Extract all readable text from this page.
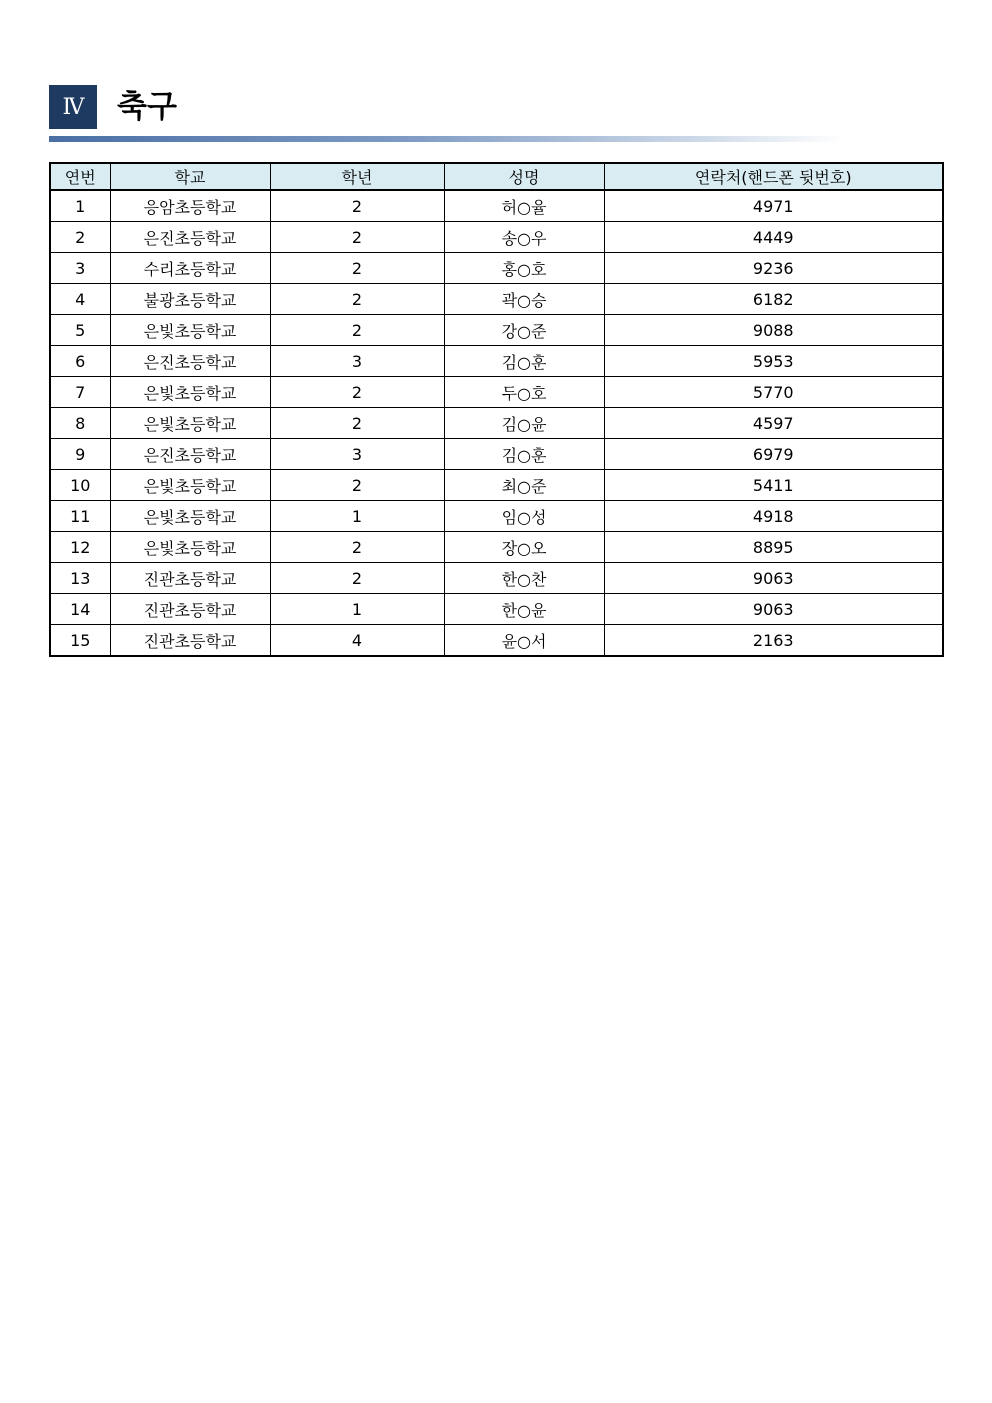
Ⅳ	축구
연번	학교	학년	성명	연락처(핸드폰 뒷번호)
1	응암초등학교	2	허○율	4971
2	은진초등학교	2	송○우	4449
3	수리초등학교	2	홍○호	9236
4	불광초등학교	2	곽○승	6182
5	은빛초등학교	2	강○준	9088
6	은진초등학교	3	김○훈	5953
7	은빛초등학교	2	두○호	5770
8	은빛초등학교	2	김○윤	4597
9	은진초등학교	3	김○훈	6979
10	은빛초등학교	2	최○준	5411
11	은빛초등학교	1	임○성	4918
12	은빛초등학교	2	장○오	8895
13	진관초등학교	2	한○찬	9063
14	진관초등학교	1	한○윤	9063
15	진관초등학교	4	윤○서	2163
